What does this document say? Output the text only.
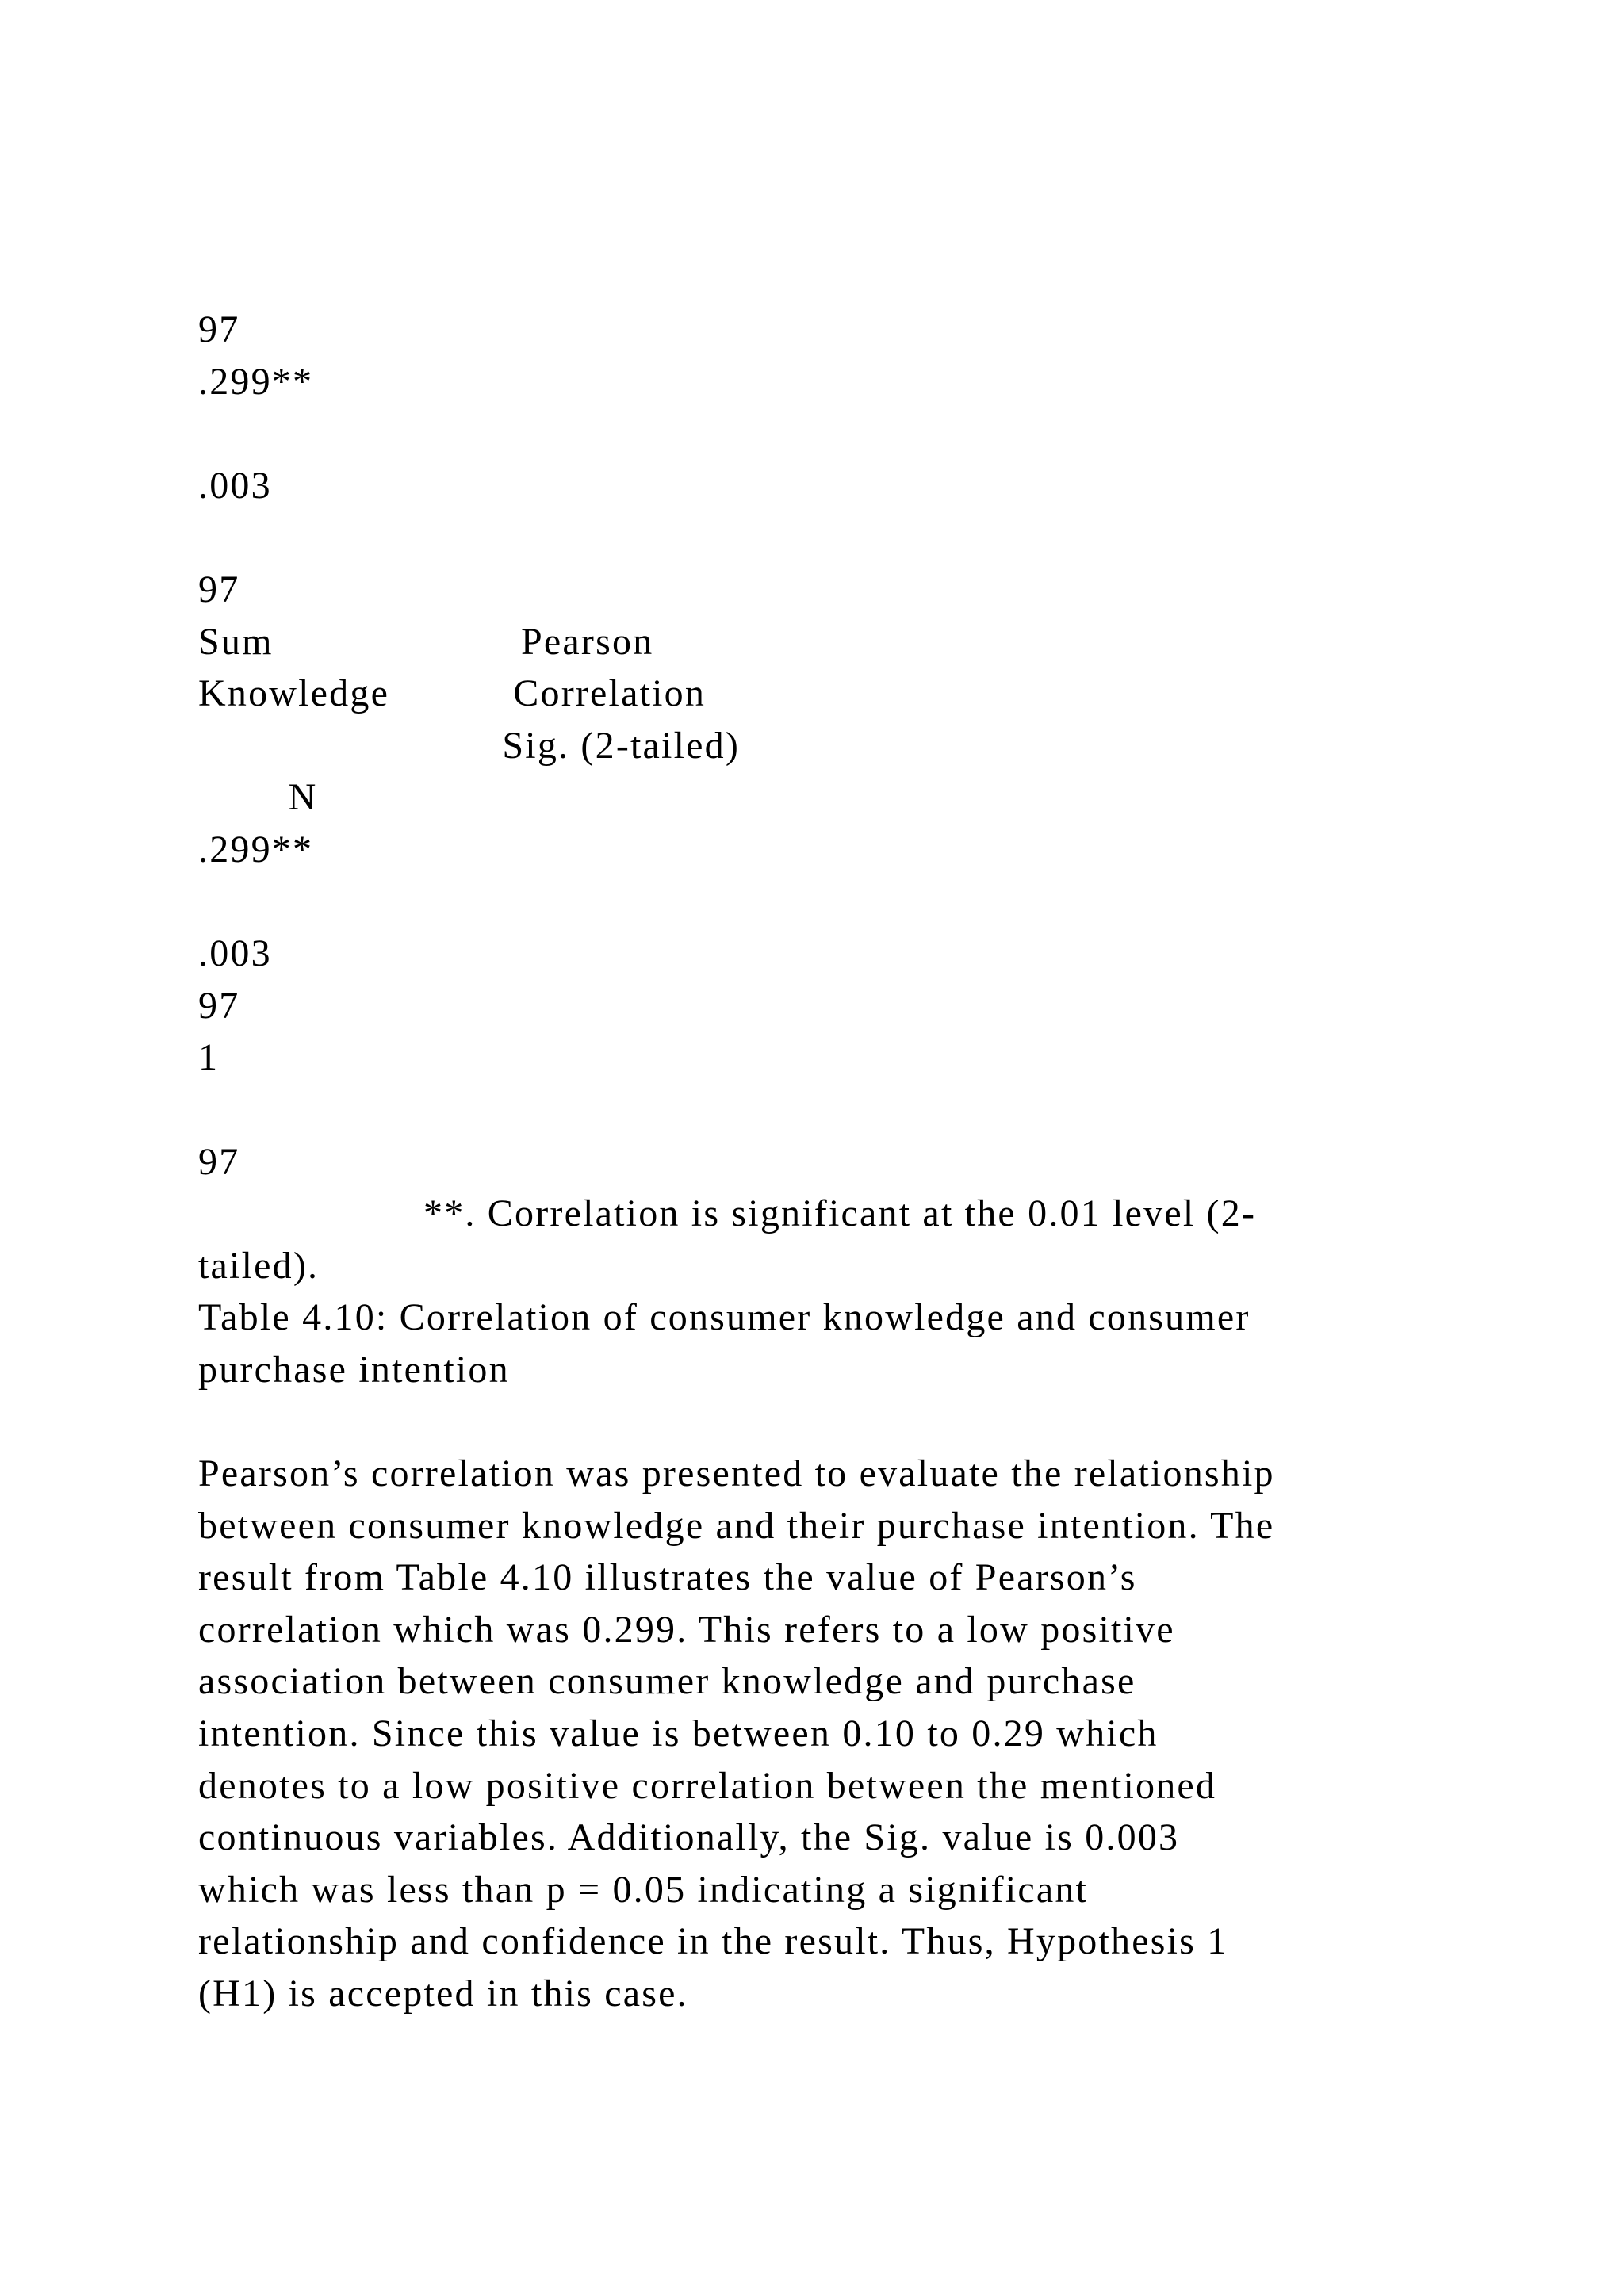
97
.299**
.003
97
Sum                      Pearson
Knowledge           Correlation
Sig. (2-tailed)
N
.299**
.003
97
1
97
**. Correlation is significant at the 0.01 level (2-
tailed).
Table 4.10: Correlation of consumer knowledge and consumer
purchase intention
Pearson’s correlation was presented to evaluate the relationship
between consumer knowledge and their purchase intention. The
result from Table 4.10 illustrates the value of Pearson’s
correlation which was 0.299. This refers to a low positive
association between consumer knowledge and purchase
intention. Since this value is between 0.10 to 0.29 which
denotes to a low positive correlation between the mentioned
continuous variables. Additionally, the Sig. value is 0.003
which was less than p = 0.05 indicating a significant
relationship and confidence in the result. Thus, Hypothesis 1
(H1) is accepted in this case.
